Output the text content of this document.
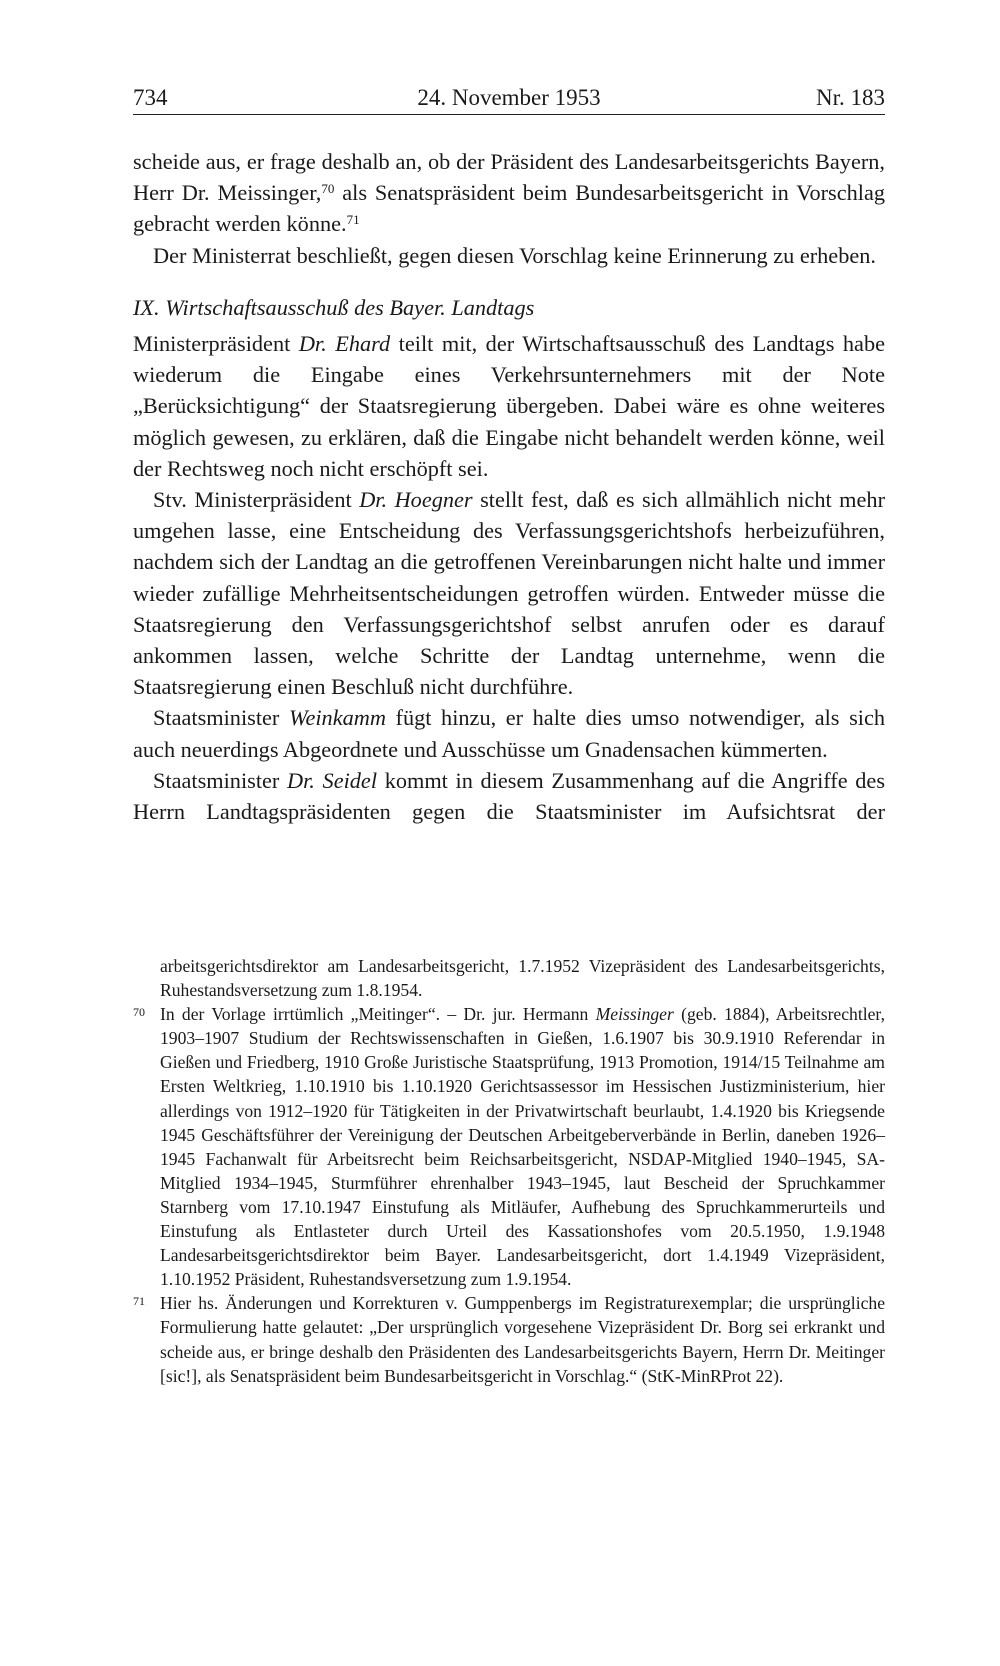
734	24. November 1953	Nr. 183

scheide aus, er frage deshalb an, ob der Präsident des Landesarbeitsgerichts Bayern, Herr Dr. Meissinger,$^{70}$ als Senatspräsident beim Bundesarbeitsgericht in Vorschlag gebracht werden könne.$^{71}$

Der Ministerrat beschließt, gegen diesen Vorschlag keine Erinnerung zu erheben.

IX. Wirtschaftsausschuß des Bayer. Landtags

Ministerpräsident Dr. Ehard teilt mit, der Wirtschaftsausschuß des Landtags habe wiederum die Eingabe eines Verkehrsunternehmers mit der Note „Berücksichtigung“ der Staatsregierung übergeben. Dabei wäre es ohne weiteres möglich gewesen, zu erklären, daß die Eingabe nicht behandelt werden könne, weil der Rechtsweg noch nicht erschöpft sei.

Stv. Ministerpräsident Dr. Hoegner stellt fest, daß es sich allmählich nicht mehr umgehen lasse, eine Entscheidung des Verfassungsgerichtshofs herbeizuführen, nachdem sich der Landtag an die getroffenen Vereinbarungen nicht halte und immer wieder zufällige Mehrheitsentscheidungen getroffen würden. Entweder müsse die Staatsregierung den Verfassungsgerichtshof selbst anrufen oder es darauf ankommen lassen, welche Schritte der Landtag unternehme, wenn die Staatsregierung einen Beschluß nicht durchführe.

Staatsminister Weinkamm fügt hinzu, er halte dies umso notwendiger, als sich auch neuerdings Abgeordnete und Ausschüsse um Gnadensachen kümmerten.

Staatsminister Dr. Seidel kommt in diesem Zusammenhang auf die Angriffe des Herrn Landtagspräsidenten gegen die Staatsminister im Aufsichtsrat der

arbeitsgerichtsdirektor am Landesarbeitsgericht, 1.7.1952 Vizepräsident des Landesarbeitsgerichts, Ruhestandsversetzung zum 1.8.1954.

70 In der Vorlage irrtümlich „Meitinger“. – Dr. jur. Hermann Meissinger (geb. 1884), Arbeitsrechtler, 1903–1907 Studium der Rechtswissenschaften in Gießen, 1.6.1907 bis 30.9.1910 Referendar in Gießen und Friedberg, 1910 Große Juristische Staatsprüfung, 1913 Promotion, 1914/15 Teilnahme am Ersten Weltkrieg, 1.10.1910 bis 1.10.1920 Gerichtsassessor im Hessischen Justizministerium, hier allerdings von 1912–1920 für Tätigkeiten in der Privatwirtschaft beurlaubt, 1.4.1920 bis Kriegsende 1945 Geschäftsführer der Vereinigung der Deutschen Arbeitgeberverbände in Berlin, daneben 1926–1945 Fachanwalt für Arbeitsrecht beim Reichsarbeitsgericht, NSDAP-Mitglied 1940–1945, SA-Mitglied 1934–1945, Sturmführer ehrenhalber 1943–1945, laut Bescheid der Spruchkammer Starnberg vom 17.10.1947 Einstufung als Mitläufer, Aufhebung des Spruchkammerurteils und Einstufung als Entlasteter durch Urteil des Kassationshofes vom 20.5.1950, 1.9.1948 Landesarbeitsgerichtsdirektor beim Bayer. Landesarbeitsgericht, dort 1.4.1949 Vizepräsident, 1.10.1952 Präsident, Ruhestandsversetzung zum 1.9.1954.

71 Hier hs. Änderungen und Korrekturen v. Gumppenbergs im Registraturexemplar; die ursprüngliche Formulierung hatte gelautet: „Der ursprünglich vorgesehene Vizepräsident Dr. Borg sei erkrankt und scheide aus, er bringe deshalb den Präsidenten des Landesarbeitsgerichts Bayern, Herrn Dr. Meitinger [sic!], als Senatspräsident beim Bundesarbeitsgericht in Vorschlag.“ (StK-MinRProt 22).
